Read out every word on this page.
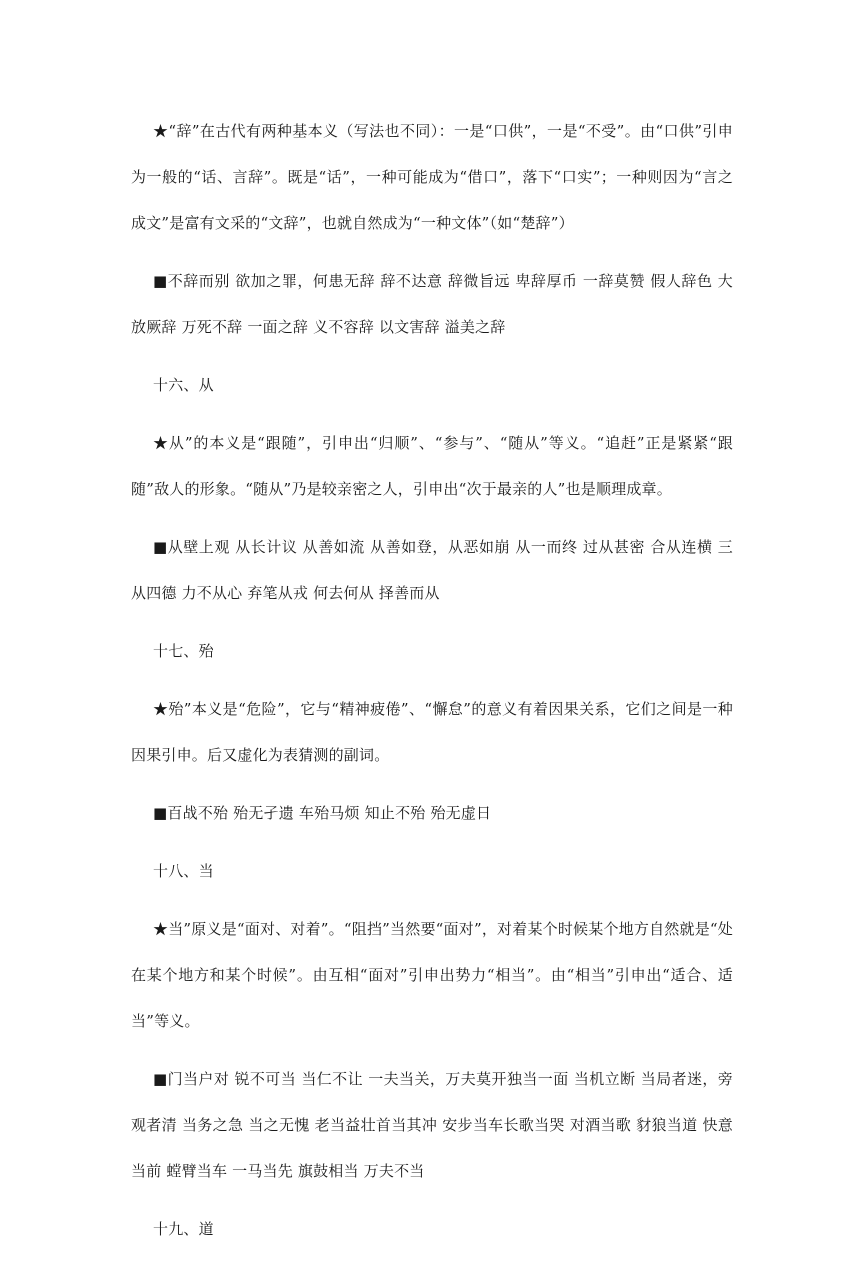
★“辞”在古代有两种基本义（写法也不同）：一是“口供”，一是“不受”。由“口供”引申为一般的“话、言辞”。既是“话”，一种可能成为“借口”，落下“口实”；一种则因为“言之成文”是富有文采的“文辞”，也就自然成为“一种文体”（如“楚辞”）

■不辞而别 欲加之罪，何患无辞 辞不达意 辞微旨远 卑辞厚币 一辞莫赞 假人辞色 大放厥辞 万死不辞 一面之辞 义不容辞 以文害辞 溢美之辞

十六、从

★从”的本义是“跟随”，引申出“归顺”、“参与”、“随从”等义。“追赶”正是紧紧“跟随”敌人的形象。“随从”乃是较亲密之人，引申出“次于最亲的人”也是顺理成章。

■从壁上观 从长计议 从善如流 从善如登，从恶如崩 从一而终 过从甚密 合从连横 三从四德 力不从心 弃笔从戎 何去何从 择善而从

十七、殆

★殆”本义是“危险”，它与“精神疲倦”、“懈怠”的意义有着因果关系，它们之间是一种因果引申。后又虚化为表猜测的副词。

■百战不殆 殆无孑遗 车殆马烦 知止不殆 殆无虚日

十八、当

★当”原义是“面对、对着”。“阻挡”当然要“面对”，对着某个时候某个地方自然就是“处在某个地方和某个时候”。由互相“面对”引申出势力“相当”。由“相当”引申出“适合、适当”等义。

■门当户对 锐不可当 当仁不让 一夫当关，万夫莫开独当一面 当机立断 当局者迷，旁观者清 当务之急 当之无愧 老当益壮首当其冲 安步当车长歌当哭 对酒当歌 豺狼当道 快意当前 螳臂当车 一马当先 旗鼓相当 万夫不当

十九、道
